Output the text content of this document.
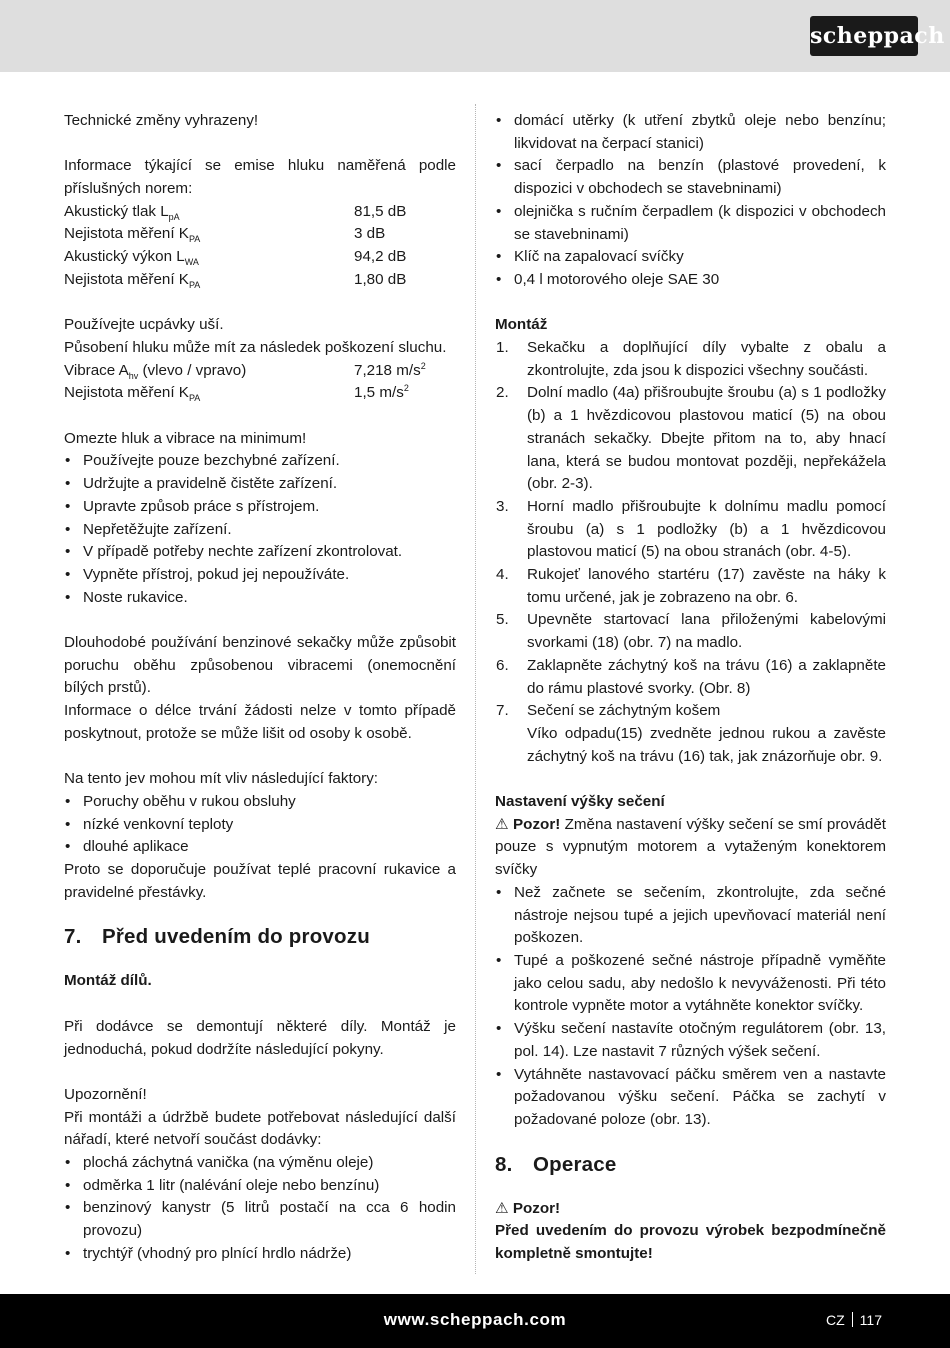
scheppach

Technické změny vyhrazeny!

Informace týkající se emise hluku naměřená podle příslušných norem:

Akustický tlak $L_{pA}$	81,5 dB
Nejistota měření $K_{PA}$	3 dB
Akustický výkon $L_{WA}$	94,2 dB
Nejistota měření $K_{PA}$	1,80 dB

Používejte ucpávky uší.

Působení hluku může mít za následek poškození sluchu.

Vibrace $A_{hv}$ (vlevo / vpravo)	7,218 $m/s^2$
Nejistota měření $K_{PA}$	1,5 $m/s^2$

Omezte hluk a vibrace na minimum!

• Používejte pouze bezchybné zařízení.
• Udržujte a pravidelně čistěte zařízení.
• Upravte způsob práce s přístrojem.
• Nepřetěžujte zařízení.
• V případě potřeby nechte zařízení zkontrolovat.
• Vypněte přístroj, pokud jej nepoužíváte.
• Noste rukavice.

Dlouhodobé používání benzinové sekačky může způsobit poruchu oběhu způsobenou vibracemi (onemocnění bílých prstů).

Informace o délce trvání žádosti nelze v tomto případě poskytnout, protože se může lišit od osoby k osobě.

Na tento jev mohou mít vliv následující faktory:

• Poruchy oběhu v rukou obsluhy
• nízké venkovní teploty
• dlouhé aplikace

Proto se doporučuje používat teplé pracovní rukavice a pravidelné přestávky.

7. Před uvedením do provozu

Montáž dílů.

Při dodávce se demontují některé díly. Montáž je jednoduchá, pokud dodržíte následující pokyny.

Upozornění!

Při montáži a údržbě budete potřebovat následující další nářadí, které netvoří součást dodávky:

• plochá záchytná vanička (na výměnu oleje)
• odměrka 1 litr (nalévání oleje nebo benzínu)
• benzinový kanystr (5 litrů postačí na cca 6 hodin provozu)
• trychtýř (vhodný pro plnící hrdlo nádrže)
• domácí utěrky (k utření zbytků oleje nebo benzínu; likvidovat na čerpací stanici)
• sací čerpadlo na benzín (plastové provedení, k dispozici v obchodech se stavebninami)
• olejnička s ručním čerpadlem (k dispozici v obchodech se stavebninami)
• Klíč na zapalovací svíčky
• 0,4 l motorového oleje SAE 30

Montáž

1. Sekačku a doplňující díly vybalte z obalu a zkontrolujte, zda jsou k dispozici všechny součásti.
2. Dolní madlo (4a) přišroubujte šroubu (a) s 1 podložky (b) a 1 hvězdicovou plastovou maticí (5) na obou stranách sekačky. Dbejte přitom na to, aby hnací lana, která se budou montovat později, nepřekážela (obr. 2-3).
3. Horní madlo přišroubujte k dolnímu madlu pomocí šroubu (a) s 1 podložky (b) a 1 hvězdicovou plastovou maticí (5) na obou stranách (obr. 4-5).
4. Rukojeť lanového startéru (17) zavěste na háky k tomu určené, jak je zobrazeno na obr. 6.
5. Upevněte startovací lana přiloženými kabelovými svorkami (18) (obr. 7) na madlo.
6. Zaklapněte záchytný koš na trávu (16) a zaklapněte do rámu plastové svorky. (Obr. 8)
7. Sečení se záchytným košem
Víko odpadu(15) zvedněte jednou rukou a zavěste záchytný koš na trávu (16) tak, jak znázorňuje obr. 9.

Nastavení výšky sečení

⚠ Pozor! Změna nastavení výšky sečení se smí provádět pouze s vypnutým motorem a vytaženým konektorem svíčky

• Než začnete se sečením, zkontrolujte, zda sečné nástroje nejsou tupé a jejich upevňovací materiál není poškozen.
• Tupé a poškozené sečné nástroje případně vyměňte jako celou sadu, aby nedošlo k nevyváženosti. Při této kontrole vypněte motor a vytáhněte konektor svíčky.
• Výšku sečení nastavíte otočným regulátorem (obr. 13, pol. 14). Lze nastavit 7 různých výšek sečení.
• Vytáhněte nastavovací páčku směrem ven a nastavte požadovanou výšku sečení. Páčka se zachytí v požadované poloze (obr. 13).
8. Operace

⚠ Pozor!

Před uvedením do provozu výrobek bezpodmínečně kompletně smontujte!

www.scheppach.com	CZ 117
